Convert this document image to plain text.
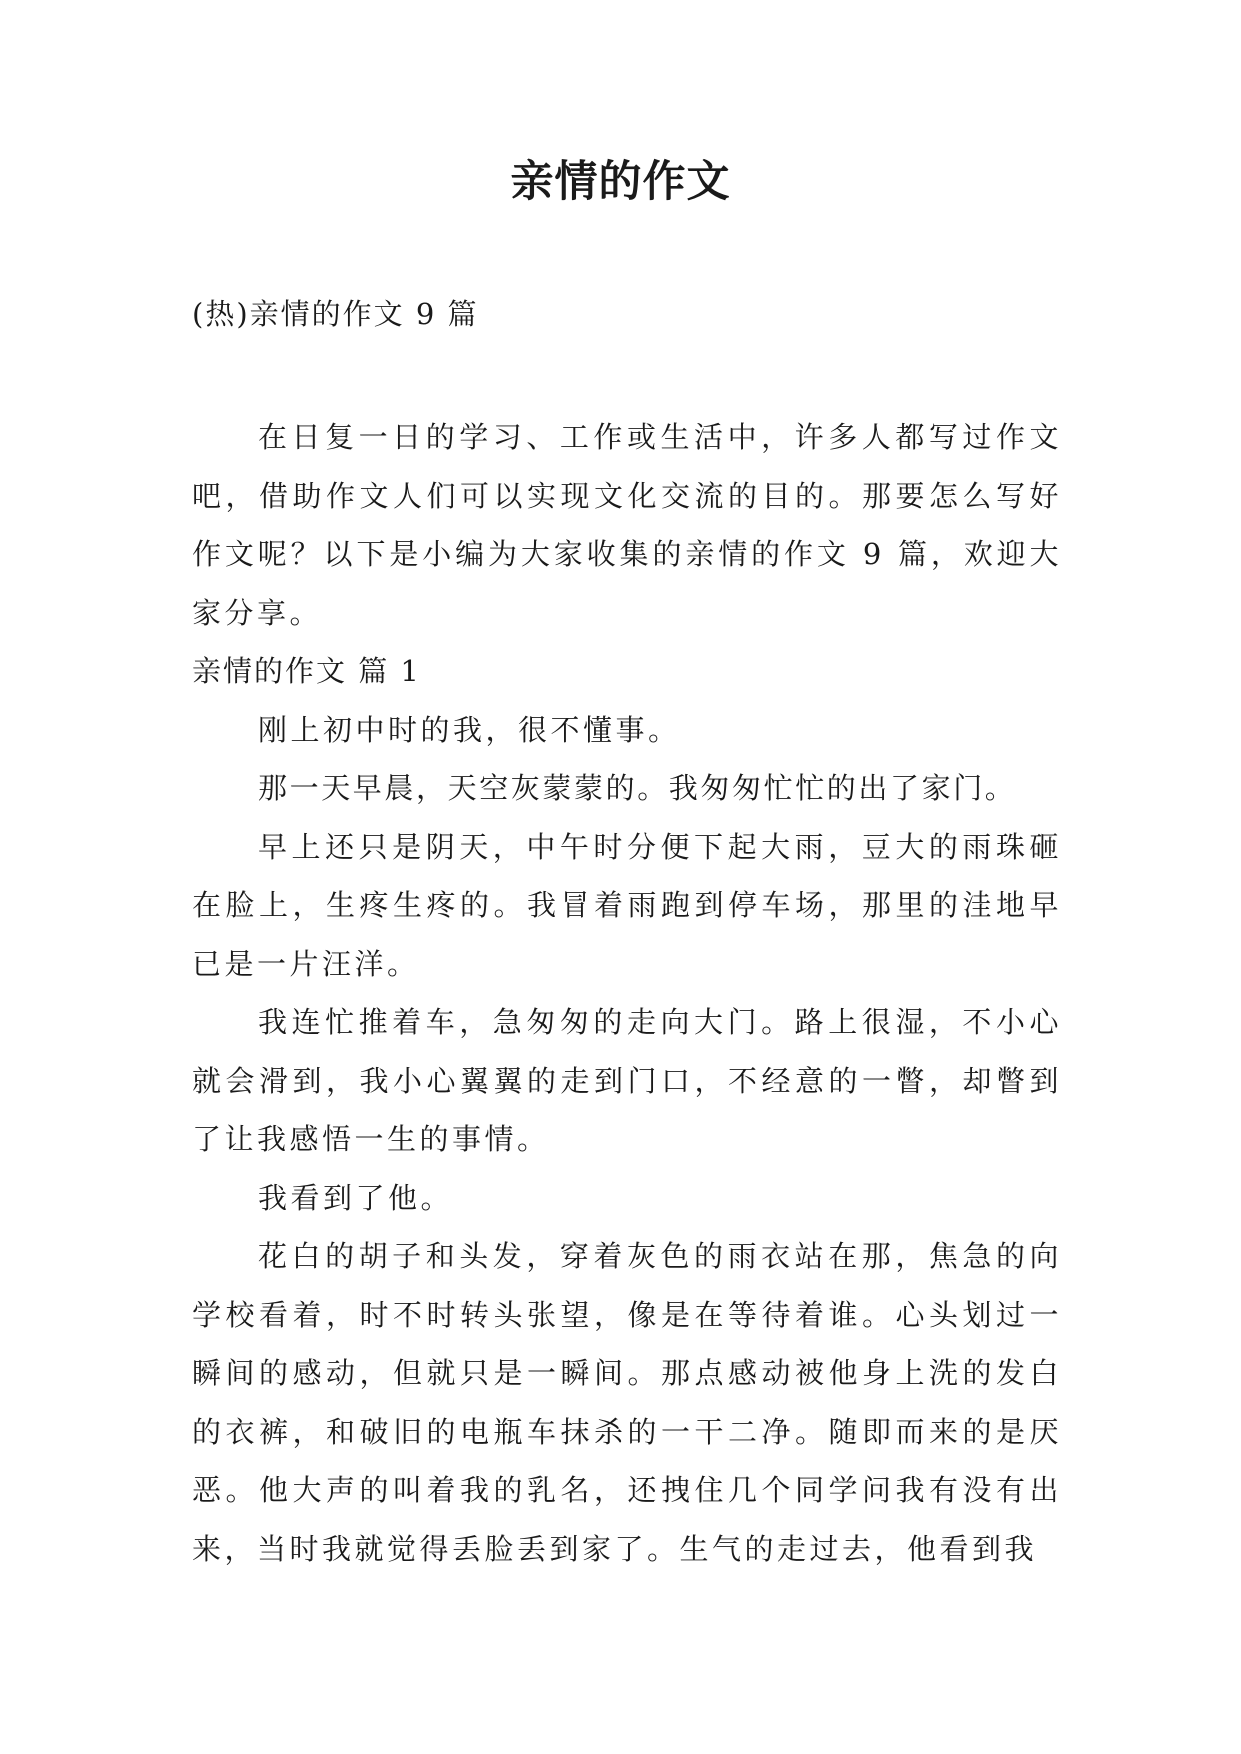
亲情的作文

(热)亲情的作文 9 篇

在日复一日的学习、工作或生活中，许多人都写过作文吧，借助作文人们可以实现文化交流的目的。那要怎么写好作文呢？以下是小编为大家收集的亲情的作文 9 篇，欢迎大家分享。

亲情的作文 篇 1

刚上初中时的我，很不懂事。

那一天早晨，天空灰蒙蒙的。我匆匆忙忙的出了家门。

早上还只是阴天，中午时分便下起大雨，豆大的雨珠砸在脸上，生疼生疼的。我冒着雨跑到停车场，那里的洼地早已是一片汪洋。

我连忙推着车，急匆匆的走向大门。路上很湿，不小心就会滑到，我小心翼翼的走到门口，不经意的一瞥，却瞥到了让我感悟一生的事情。

我看到了他。

花白的胡子和头发，穿着灰色的雨衣站在那，焦急的向学校看着，时不时转头张望，像是在等待着谁。心头划过一瞬间的感动，但就只是一瞬间。那点感动被他身上洗的发白的衣裤，和破旧的电瓶车抹杀的一干二净。随即而来的是厌恶。他大声的叫着我的乳名，还拽住几个同学问我有没有出来，当时我就觉得丢脸丢到家了。生气的走过去，他看到我
